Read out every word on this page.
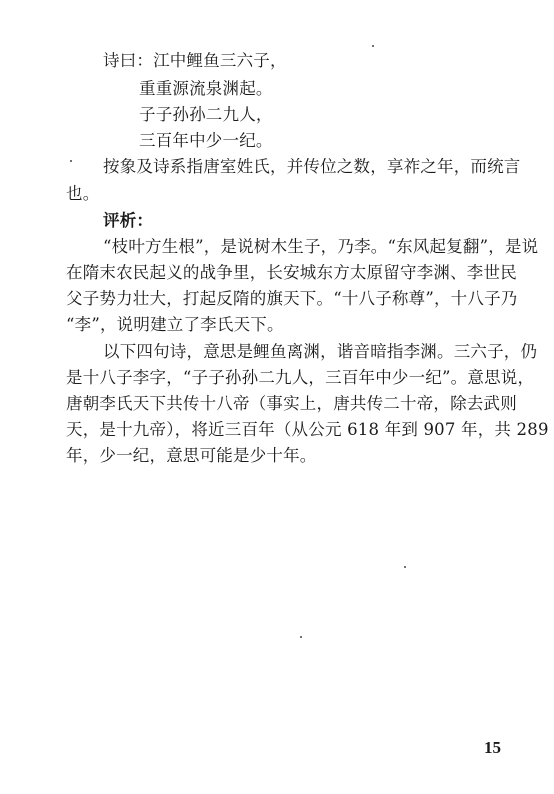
诗曰：江中鲤鱼三六子，
重重源流泉渊起。
子子孙孙二九人，
三百年中少一纪。
按象及诗系指唐室姓氏，并传位之数，享祚之年，而统言
也。
评析：
“枝叶方生根”，是说树木生子，乃李。“东风起复翻”，是说
在隋末农民起义的战争里，长安城东方太原留守李渊、李世民
父子势力壮大，打起反隋的旗天下。“十八子称尊”，十八子乃
“李”，说明建立了李氏天下。
以下四句诗，意思是鲤鱼离渊，谐音暗指李渊。三六子，仍
是十八子李字，“子子孙孙二九人，三百年中少一纪”。意思说，
唐朝李氏天下共传十八帝（事实上，唐共传二十帝，除去武则
天，是十九帝），将近三百年（从公元 618 年到 907 年，共 289
年，少一纪，意思可能是少十年。
15
